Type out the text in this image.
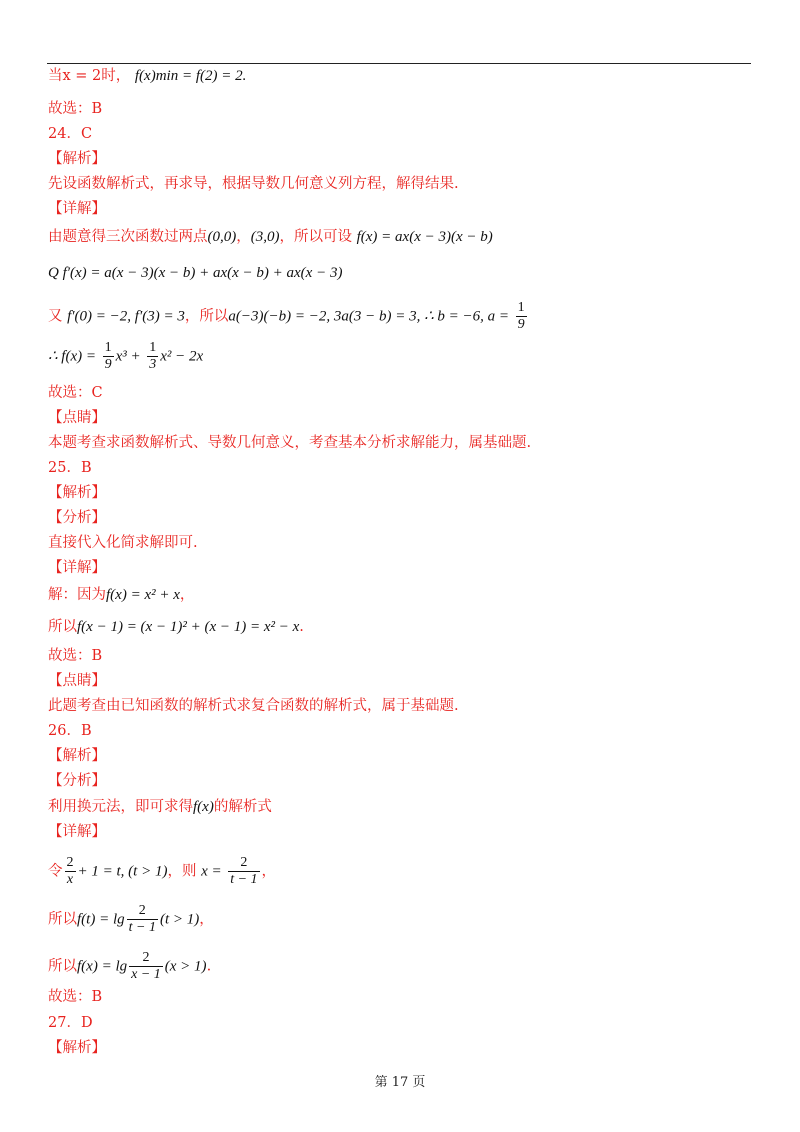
当x = 2时， f(x)min = f(2) = 2.
故选：B
24．C
【解析】
先设函数解析式，再求导，根据导数几何意义列方程，解得结果.
【详解】
由题意得三次函数过两点(0,0)，(3,0)，所以可设 f(x) = ax(x − 3)(x − b)
Q f′(x) = a(x − 3)(x − b) + ax(x − b) + ax(x − 3)
又 f′(0) = −2, f′(3) = 3，所以a(−3)(−b) = −2, 3a(3 − b) = 3, ∴ b = −6, $a = \frac{1}{9}$
∴ $f(x) = \frac{1}{9} x^3 + \frac{1}{3} x^2 - 2x$
故选：C
【点睛】
本题考查求函数解析式、导数几何意义，考查基本分析求解能力，属基础题.
25．B
【解析】
【分析】
直接代入化简求解即可.
【详解】
解：因为f(x) = x² + x，
所以f(x − 1) = (x − 1)² + (x − 1) = x² − x.
故选：B
【点睛】
此题考查由已知函数的解析式求复合函数的解析式，属于基础题.
26．B
【解析】
【分析】
利用换元法，即可求得f(x)的解析式
【详解】
令 $\frac{2}{x} + 1 = t$, (t > 1)，则 $x = \frac{2}{t - 1}$ ，
所以$f(t) = \lg \frac{2}{t - 1} (t > 1)$，
所以$f(x) = \lg \frac{2}{x - 1} (x > 1)$.
故选：B
27．D
【解析】
第 17 页
